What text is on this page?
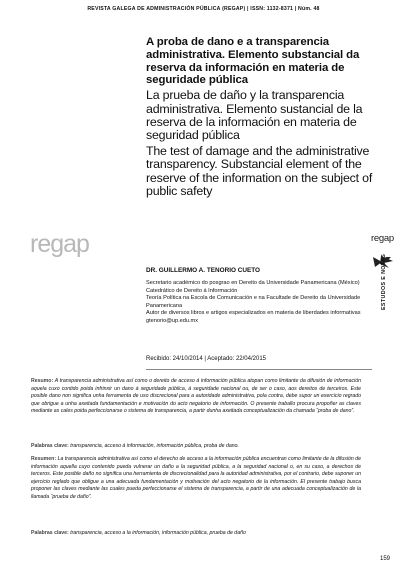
REVISTA GALEGA DE ADMINISTRACIÓN PÚBLICA (REGAP) | ISSN: 1132-8371 | Núm. 48
A proba de dano e a transparencia administrativa. Elemento substancial da reserva da información en materia de seguridade pública
La prueba de daño y la transparencia administrativa. Elemento sustancial de la reserva de la información en materia de seguridad pública
The test of damage and the administrative transparency. Substancial element of the reserve of the information on the subject of public safety
regap	regap
ESTUDOS E NOTAS

DR. GUILLERMO A. TENORIO CUETO

Secretario académico do posgrao en Dereito da Universidade Panamericana (México)

Catedrático de Dereito á Información

Teoría Política na Escola de Comunicación e na Facultade de Dereito da Universidade Panamericana

Autor de diversos libros e artigos especializados en materia de liberdades informativas

gtenorio@up.edu.mx

Recibido: 24/10/2014 | Aceptado: 22/04/2015

Resumo: A transparencia administrativa así como o dereito de acceso á información pública atopan como limitante da difusión de información aquela cuxo contido poida infrinxir un dano á seguridade pública, á seguridade nacional ou, de ser o caso, aos dereitos de terceiros. Este posible dano non significa unha ferramenta de uso discrecional para a autoridade administrativa, pola contra, debe supor un exercicio regrado que obrigue a unha axeitada fundamentación e motivación do acto negatorio de información. O presente traballo procura propoñer as claves mediante as cales poida perfeccionarse o sistema de transparencia, a partir dunha axeitada conceptualización da chamada “proba de dano”.

Palabras clave: transparencia, acceso á información, información pública, proba de dano.

Resumen: La transparencia administrativa así como el derecho de acceso a la información pública encuentran como limitante de la difusión de información aquella cuyo contenido pueda vulnerar un daño a la seguridad pública, a la seguridad nacional o, en su caso, a derechos de terceros. Este posible daño no significa una herramienta de discrecionalidad para la autoridad administrativa, por el contrario, debe suponer un ejercicio reglado que obligue a una adecuada fundamentación y motivación del acto negatorio de la información. El presente trabajo busca proponer las claves mediante las cuales pueda perfeccionarse el sistema de transparencia, a partir de una adecuada conceptualización de la llamada “prueba de daño”.

Palabras clave: transparencia, acceso a la información, información pública, prueba de daño

159
